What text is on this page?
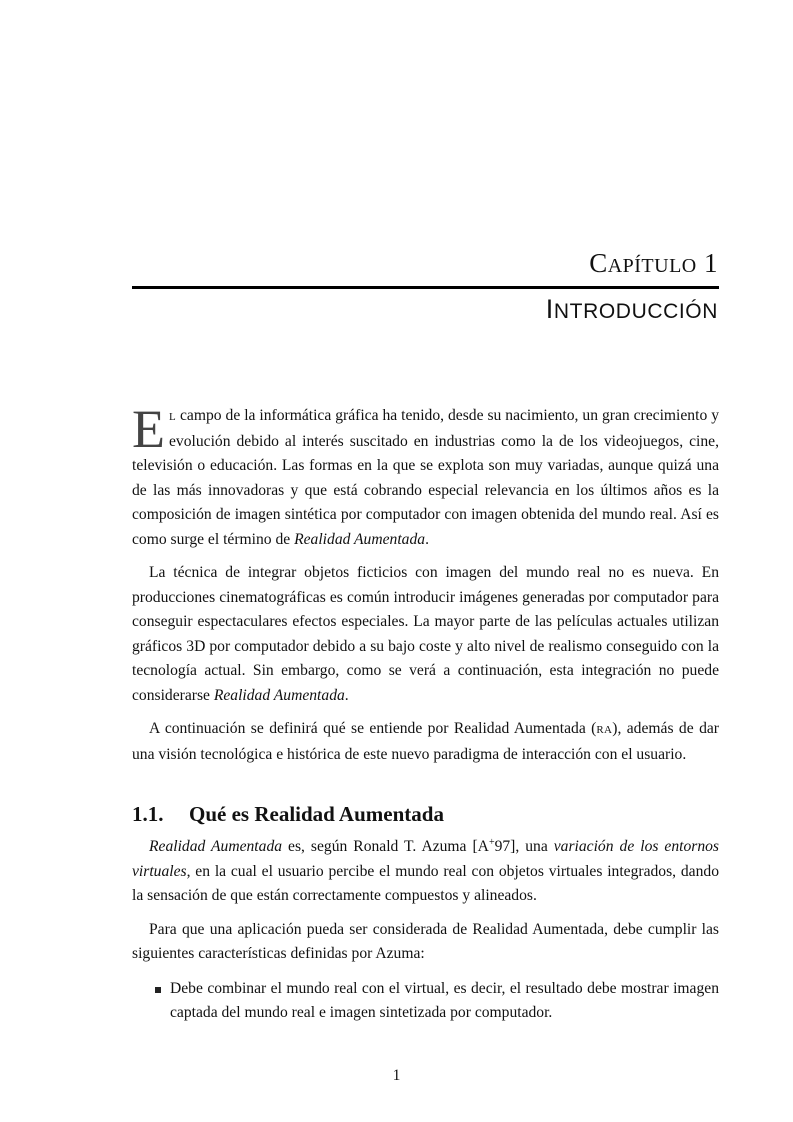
CAPÍTULO 1
INTRODUCCIÓN

E L campo de la informática gráfica ha tenido, desde su nacimiento, un gran crecimiento y evolución debido al interés suscitado en industrias como la de los videojuegos, cine, televisión o educación. Las formas en la que se explota son muy variadas, aunque quizá una de las más innovadoras y que está cobrando especial relevancia en los últimos años es la composición de imagen sintética por computador con imagen obtenida del mundo real. Así es como surge el término de Realidad Aumentada.

La técnica de integrar objetos ficticios con imagen del mundo real no es nueva. En producciones cinematográficas es común introducir imágenes generadas por computador para conseguir espectaculares efectos especiales. La mayor parte de las películas actuales utilizan gráficos 3D por computador debido a su bajo coste y alto nivel de realismo conseguido con la tecnología actual. Sin embargo, como se verá a continuación, esta integración no puede considerarse Realidad Aumentada.

A continuación se definirá qué se entiende por Realidad Aumentada (RA), además de dar una visión tecnológica e histórica de este nuevo paradigma de interacción con el usuario.

1.1. Qué es Realidad Aumentada

Realidad Aumentada es, según Ronald T. Azuma [A+97], una variación de los entornos virtuales, en la cual el usuario percibe el mundo real con objetos virtuales integrados, dando la sensación de que están correctamente compuestos y alineados.

Para que una aplicación pueda ser considerada de Realidad Aumentada, debe cumplir las siguientes características definidas por Azuma:

Debe combinar el mundo real con el virtual, es decir, el resultado debe mostrar imagen captada del mundo real e imagen sintetizada por computador.
1
